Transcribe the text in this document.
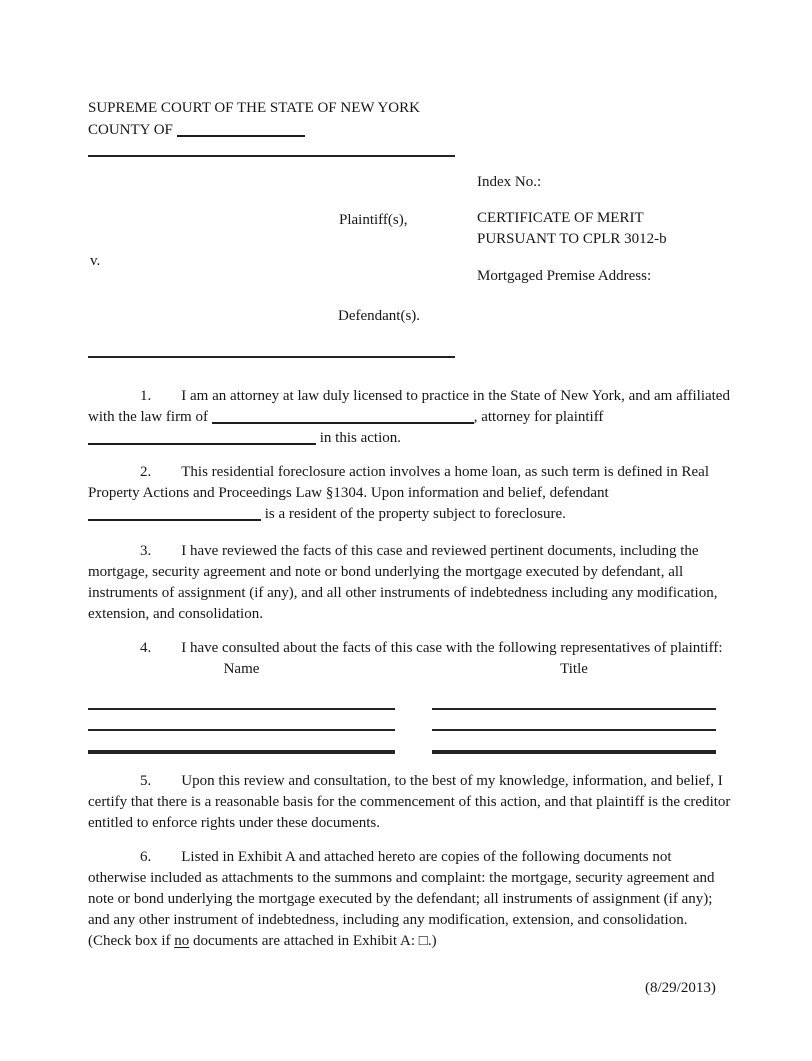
SUPREME COURT OF THE STATE OF NEW YORK
COUNTY OF
Index No.:
Plaintiff(s),	CERTIFICATE OF MERIT
PURSUANT TO CPLR 3012-b
v.
Mortgaged Premise Address:
Defendant(s).
1. I am an attorney at law duly licensed to practice in the State of New York, and am affiliated with the law firm of	, attorney for plaintiff  in this action.
2. This residential foreclosure action involves a home loan, as such term is defined in Real Property Actions and Proceedings Law §1304. Upon information and belief, defendant  is a resident of the property subject to foreclosure.
3. I have reviewed the facts of this case and reviewed pertinent documents, including the mortgage, security agreement and note or bond underlying the mortgage executed by defendant, all instruments of assignment (if any), and all other instruments of indebtedness including any modification, extension, and consolidation.
4. I have consulted about the facts of this case with the following representatives of plaintiff:
Name	Title
5. Upon this review and consultation, to the best of my knowledge, information, and belief, I certify that there is a reasonable basis for the commencement of this action, and that plaintiff is the creditor entitled to enforce rights under these documents.
6. Listed in Exhibit A and attached hereto are copies of the following documents not otherwise included as attachments to the summons and complaint: the mortgage, security agreement and note or bond underlying the mortgage executed by the defendant; all instruments of assignment (if any); and any other instrument of indebtedness, including any modification, extension, and consolidation. (Check box if no documents are attached in Exhibit A: □.)
(8/29/2013)
